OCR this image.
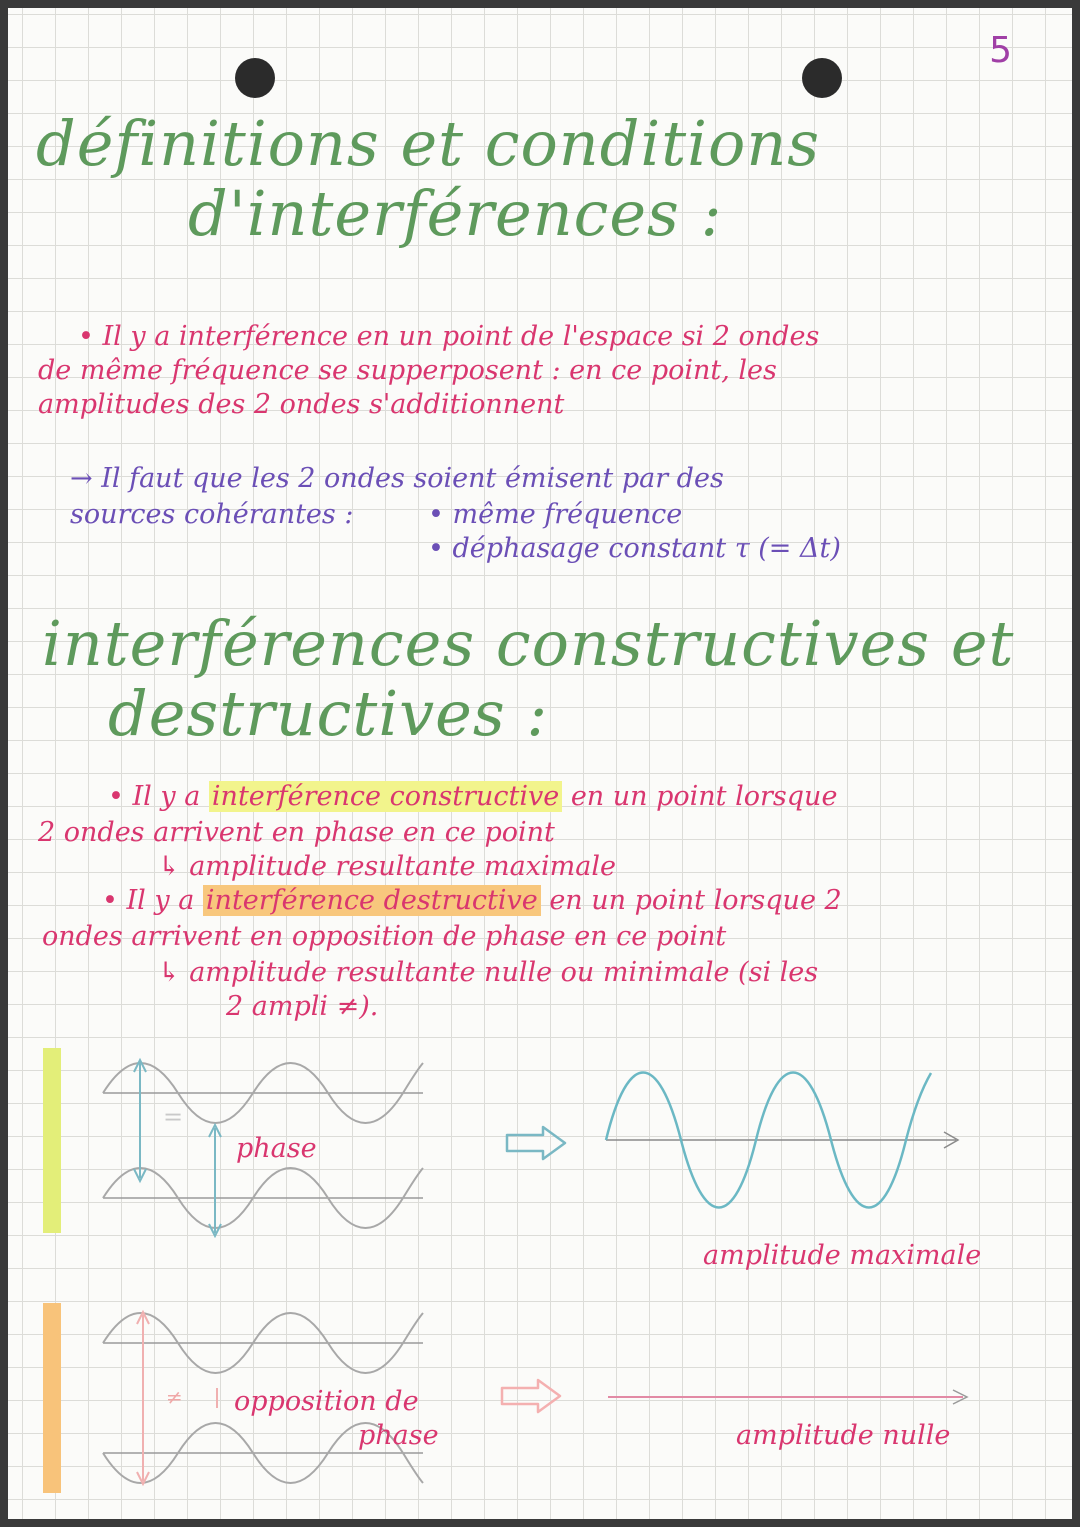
5
définitions et conditions
d'interférences :

• Il y a interférence en un point de l'espace si 2 ondes

de même fréquence se supperposent : en ce point, les

amplitudes des 2 ondes s'additionnent

→ Il faut que les 2 ondes soient émisent par des

sources cohérantes :	• même fréquence

• déphasage constant τ (= Δt)

interférences constructives et
destructives :

• Il y a interférence constructive en un point lorsque

2 ondes arrivent en phase en ce point

↳ amplitude resultante maximale

• Il y a interférence destructive en un point lorsque 2

ondes arrivent en opposition de phase en ce point

↳ amplitude resultante nulle ou minimale (si les

2 ampli ≠).

=
phase
amplitude maximale
≠ opposition de
phase	amplitude nulle
